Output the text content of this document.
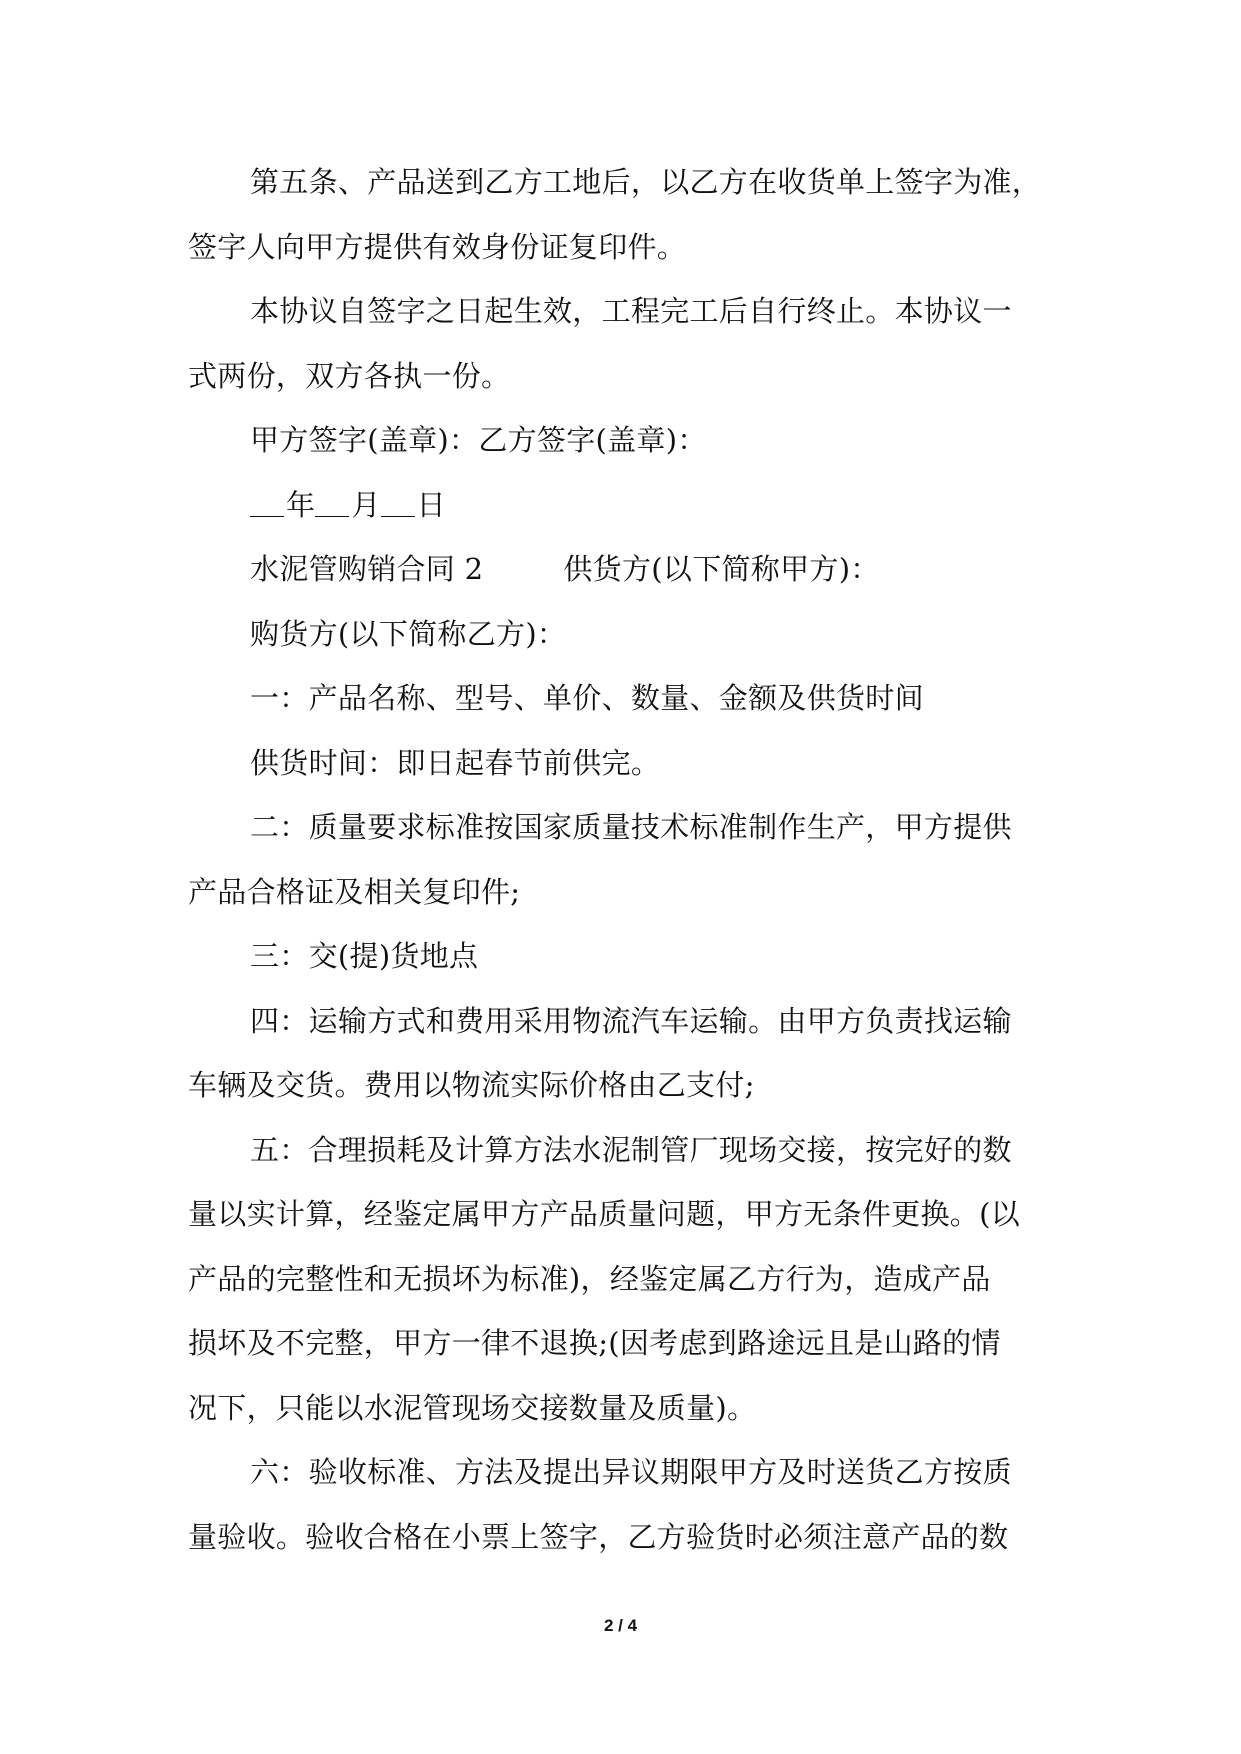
第五条、产品送到乙方工地后，以乙方在收货单上签字为准，
签字人向甲方提供有效身份证复印件。
本协议自签字之日起生效，工程完工后自行终止。本协议一
式两份，双方各执一份。
甲方签字(盖章)：乙方签字(盖章)：
年 月 日
水泥管购销合同 2	供货方(以下简称甲方)：
购货方(以下简称乙方)：
一：产品名称、型号、单价、数量、金额及供货时间
供货时间：即日起春节前供完。
二：质量要求标准按国家质量技术标准制作生产，甲方提供
产品合格证及相关复印件;
三：交(提)货地点
四：运输方式和费用采用物流汽车运输。由甲方负责找运输
车辆及交货。费用以物流实际价格由乙支付;
五：合理损耗及计算方法水泥制管厂现场交接，按完好的数
量以实计算，经鉴定属甲方产品质量问题，甲方无条件更换。(以
产品的完整性和无损坏为标准)，经鉴定属乙方行为，造成产品
损坏及不完整，甲方一律不退换;(因考虑到路途远且是山路的情
况下，只能以水泥管现场交接数量及质量)。
六：验收标准、方法及提出异议期限甲方及时送货乙方按质
量验收。验收合格在小票上签字，乙方验货时必须注意产品的数
2 / 4
